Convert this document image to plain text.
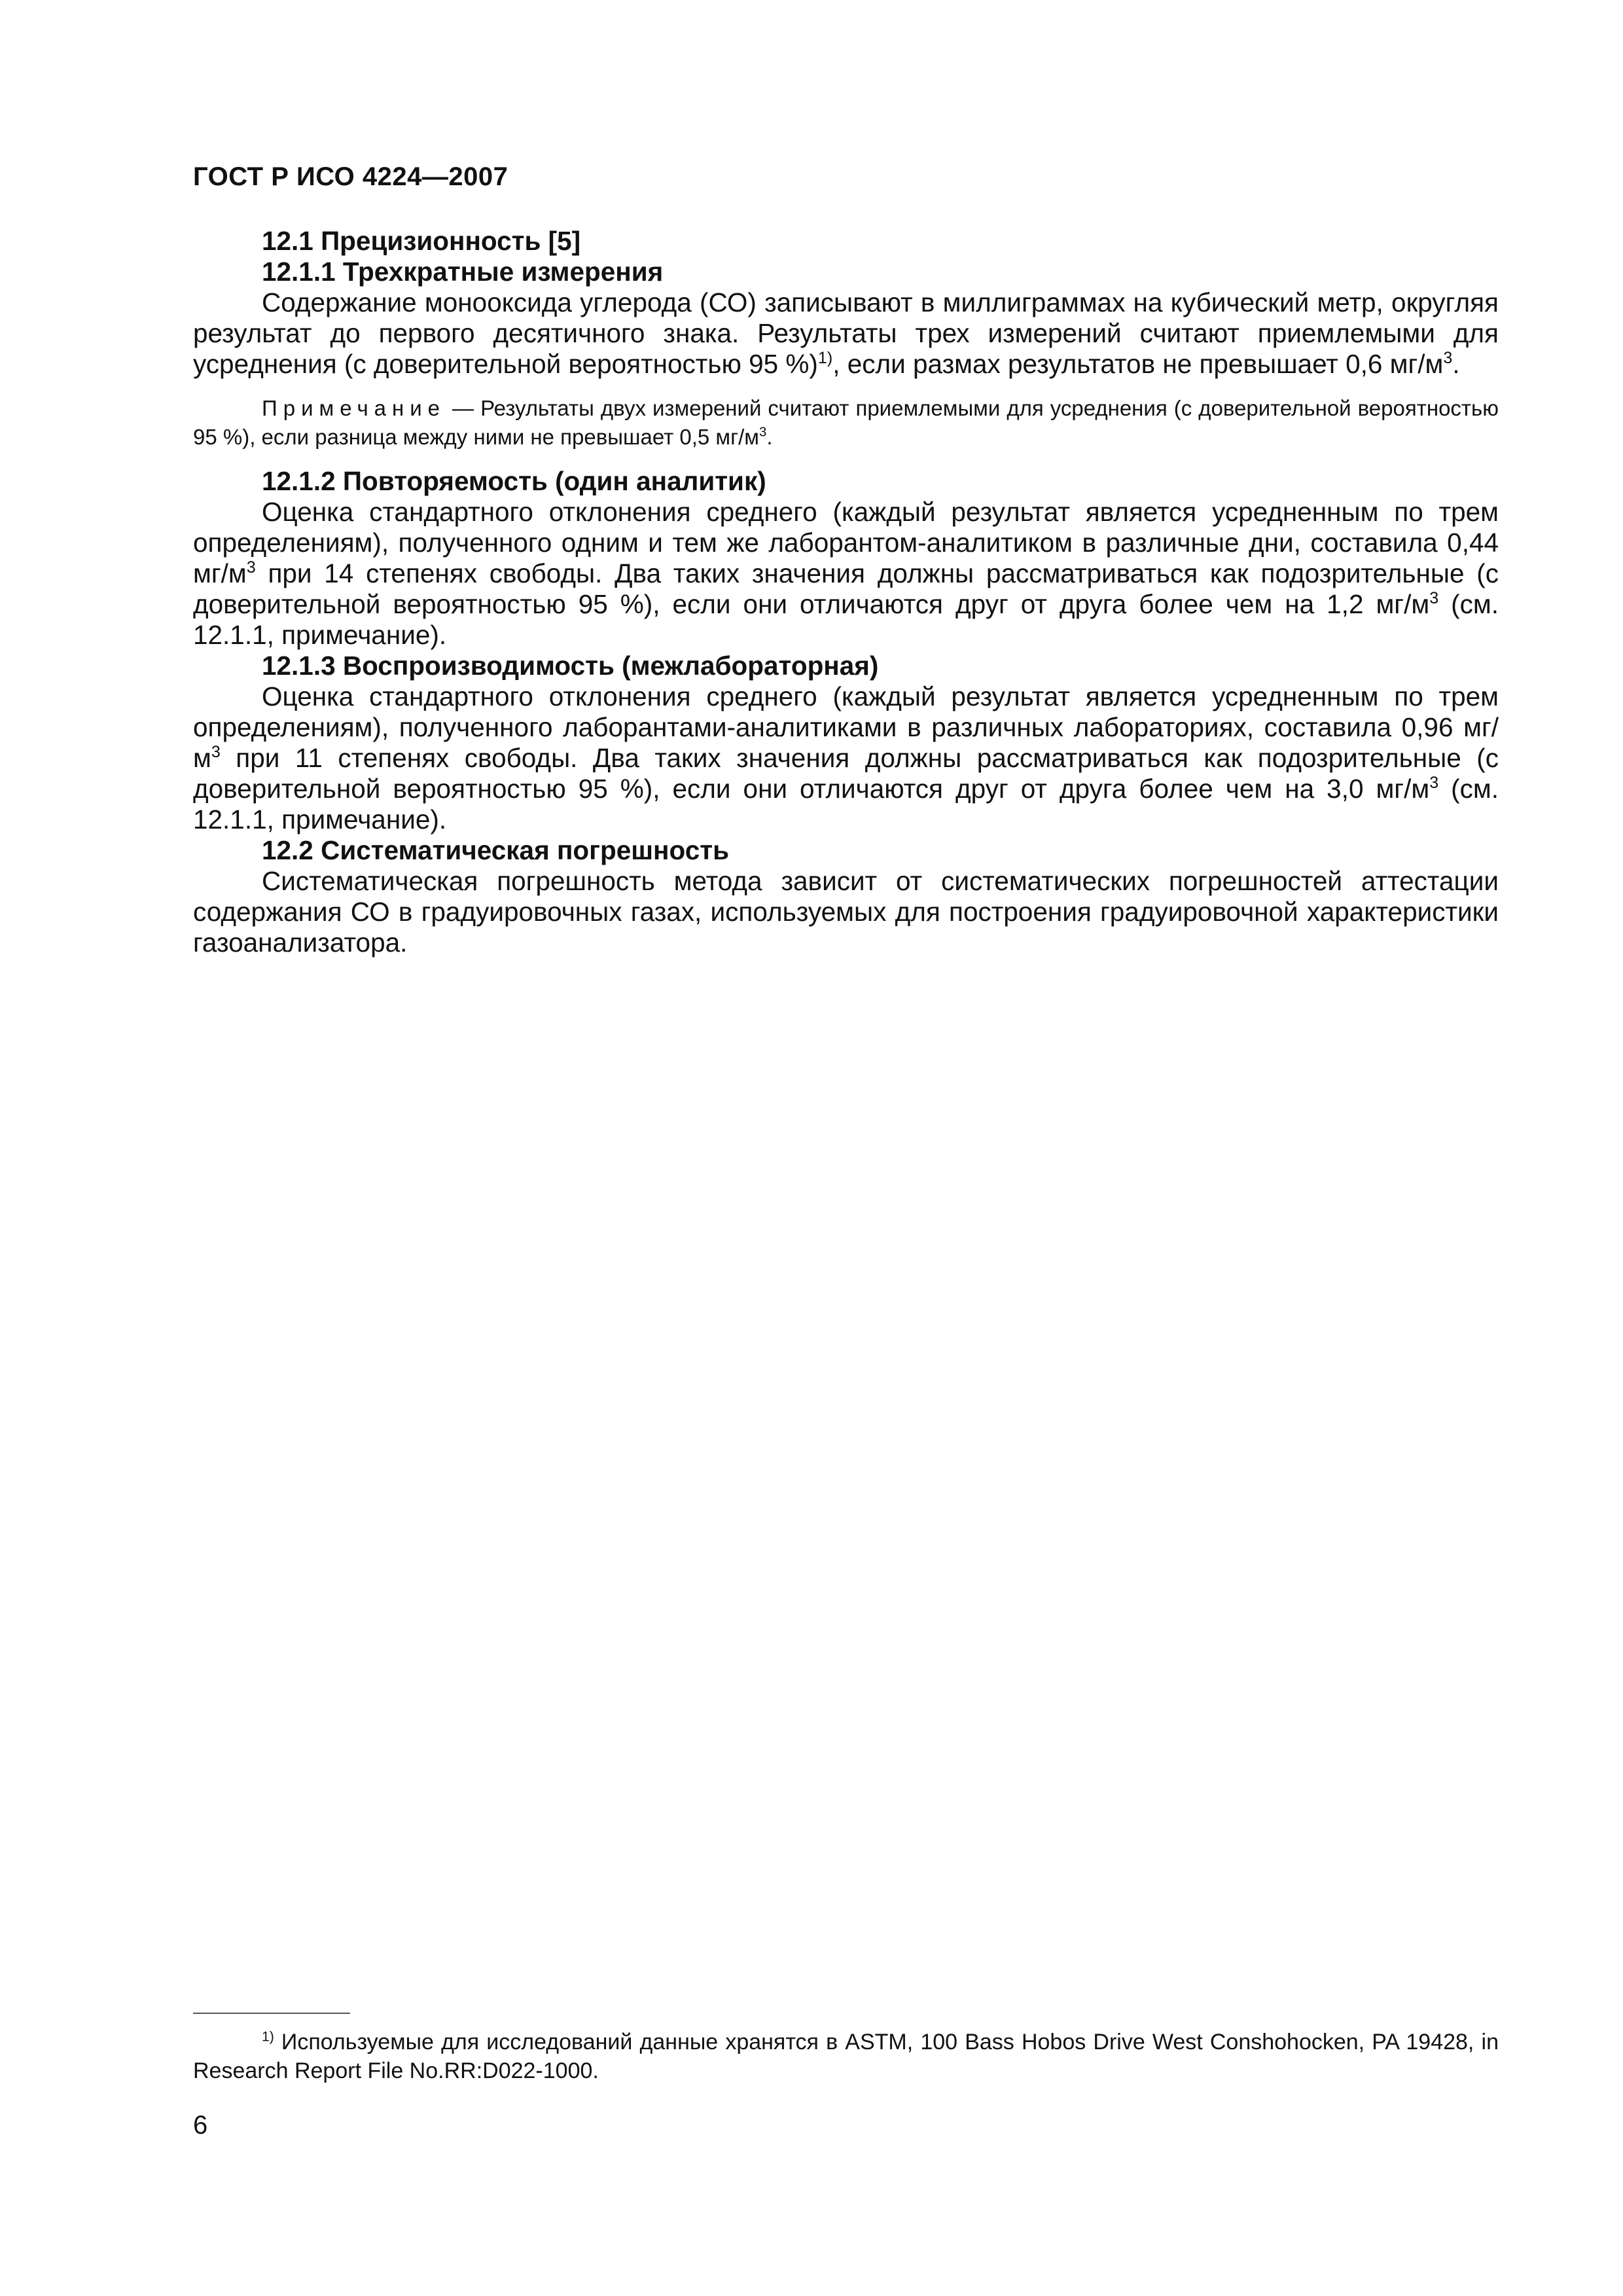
ГОСТ Р ИСО 4224—2007

12.1 Прецизионность [5]

12.1.1 Трехкратные измерения

Содержание монооксида углерода (СО) записывают в миллиграммах на кубический метр, округляя результат до первого десятичного знака. Результаты трех измерений считают приемлемыми для усреднения (с доверительной вероятностью 95 %)$^{1)}$, если размах результатов не превышает 0,6 $мг/м^3$.

Примечание — Результаты двух измерений считают приемлемыми для усреднения (с доверительной вероятностью 95 %), если разница между ними не превышает 0,5 $мг/м^3$.

12.1.2 Повторяемость (один аналитик)

Оценка стандартного отклонения среднего (каждый результат является усредненным по трем определениям), полученного одним и тем же лаборантом-аналитиком в различные дни, составила 0,44 $мг/м^3$ при 14 степенях свободы. Два таких значения должны рассматриваться как подозрительные (с доверительной вероятностью 95 %), если они отличаются друг от друга более чем на 1,2 $мг/м^3$ (см. 12.1.1, примечание).

12.1.3 Воспроизводимость (межлабораторная)

Оценка стандартного отклонения среднего (каждый результат является усредненным по трем определениям), полученного лаборантами-аналитиками в различных лабораториях, составила 0,96 $мг/м^3$ при 11 степенях свободы. Два таких значения должны рассматриваться как подозрительные (с доверительной вероятностью 95 %), если они отличаются друг от друга более чем на 3,0 $мг/м^3$ (см. 12.1.1, примечание).

12.2 Систематическая погрешность

Систематическая погрешность метода зависит от систематических погрешностей аттестации содержания СО в градуировочных газах, используемых для построения градуировочной характеристики газоанализатора.

$^{1)}$ Используемые для исследований данные хранятся в ASTM, 100 Bass Hobos Drive West Conshohocken, PA 19428, in Research Report File No.RR:D022-1000.
6
